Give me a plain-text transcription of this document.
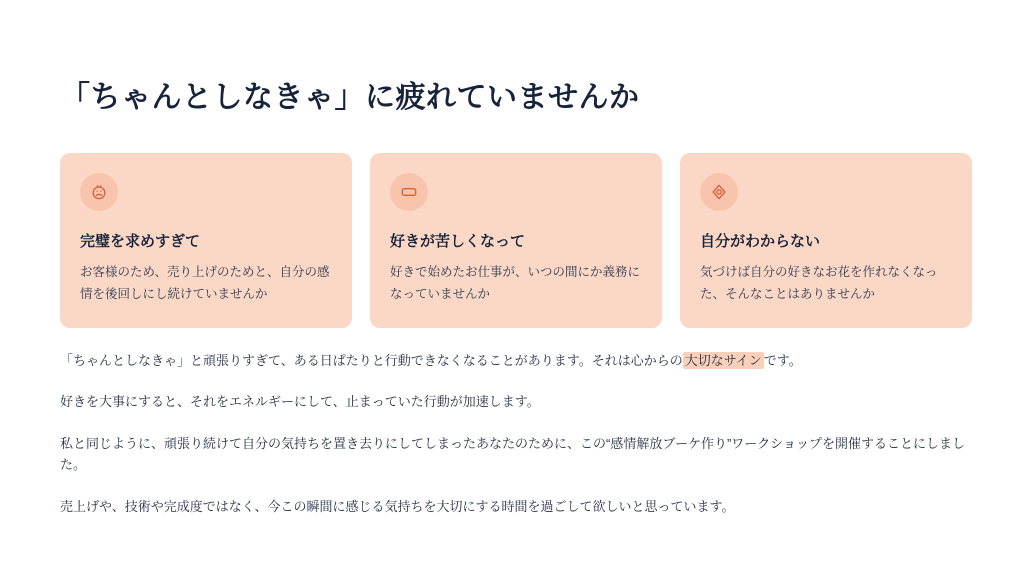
「ちゃんとしなきゃ」に疲れていませんか

完璧を求めすぎて

お客様のため、売り上げのためと、自分の感情を後回しにし続けていませんか

好きが苦しくなって

好きで始めたお仕事が、いつの間にか義務になっていませんか

自分がわからない

気づけば自分の好きなお花を作れなくなった、そんなことはありませんか

「ちゃんとしなきゃ」と頑張りすぎて、ある日ぱたりと行動できなくなることがあります。それは心からの 大切なサイン です。

好きを大事にすると、それをエネルギーにして、止まっていた行動が加速します。

私と同じように、頑張り続けて自分の気持ちを置き去りにしてしまったあなたのために、この“感情解放ブーケ作り”ワークショップを開催することにしました。

売上げや、技術や完成度ではなく、今この瞬間に感じる気持ちを大切にする時間を過ごして欲しいと思っています。
